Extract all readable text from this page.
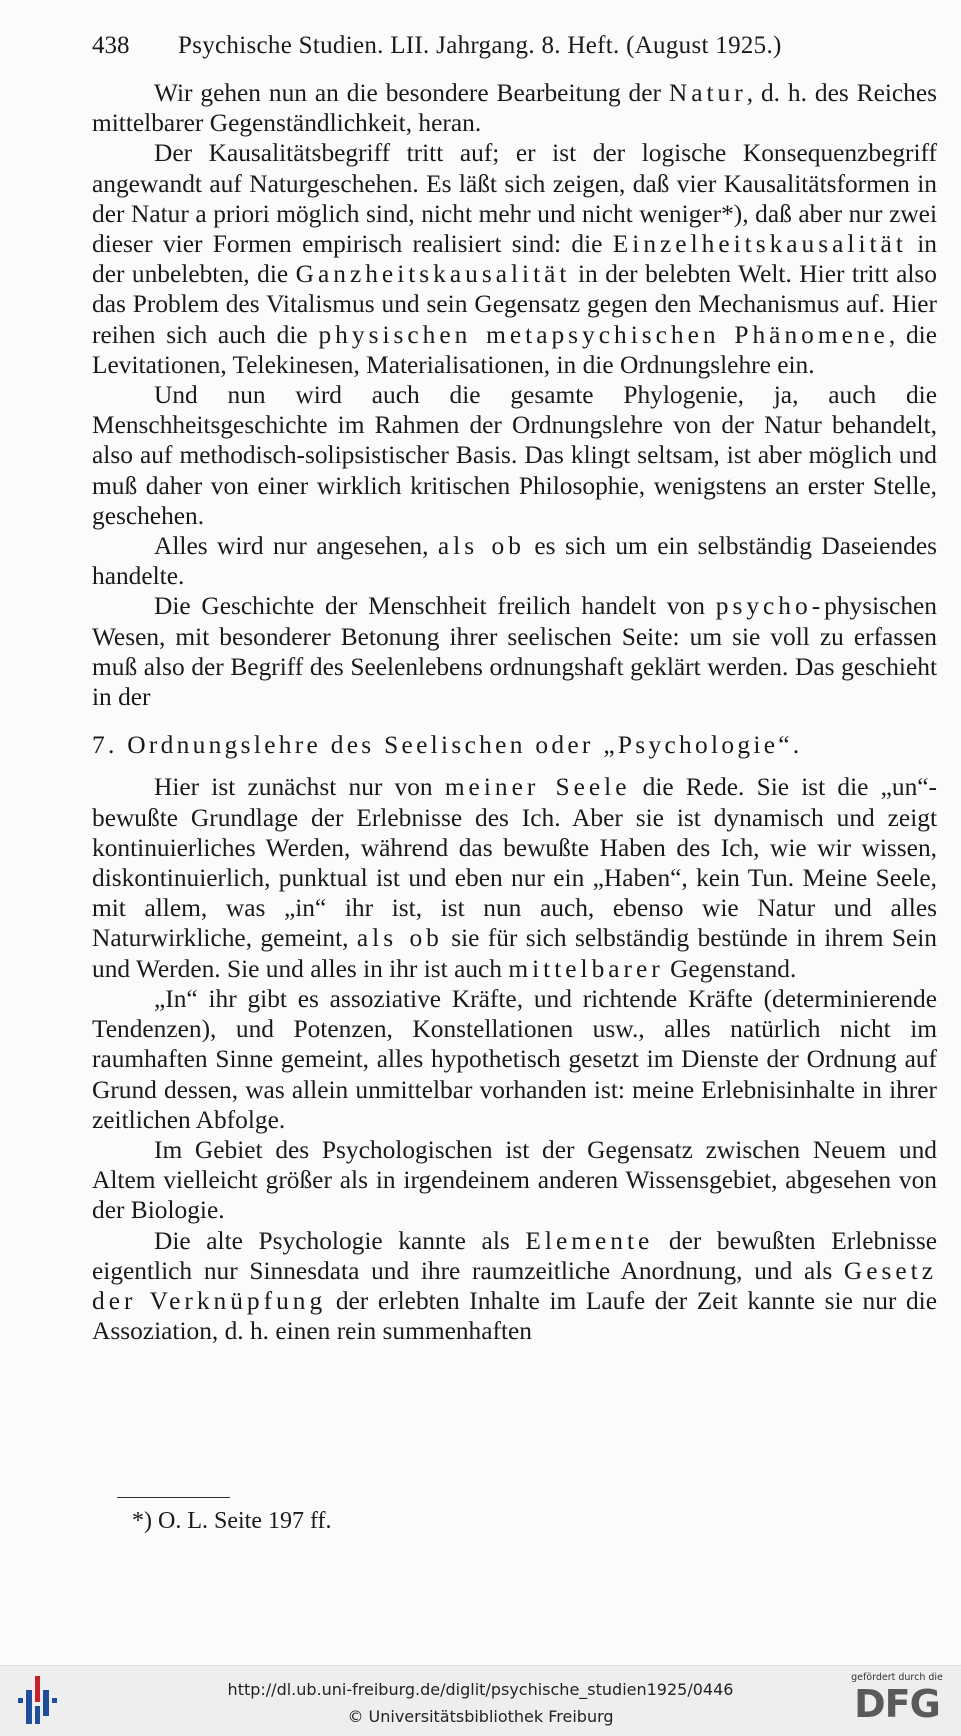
438 Psychische Studien. LII. Jahrgang. 8. Heft. (August 1925.)

Wir gehen nun an die besondere Bearbeitung der Natur, d. h. des Reiches mittelbarer Gegenständlichkeit, heran.

Der Kausalitätsbegriff tritt auf; er ist der logische Konsequenzbegriff angewandt auf Naturgeschehen. Es läßt sich zeigen, daß vier Kausalitätsformen in der Natur a priori möglich sind, nicht mehr und nicht weniger*), daß aber nur zwei dieser vier Formen empirisch realisiert sind: die Einzelheitskausalität in der unbelebten, die Ganzheitskausalität in der belebten Welt. Hier tritt also das Problem des Vitalismus und sein Gegensatz gegen den Mechanismus auf. Hier reihen sich auch die physischen metapsychischen Phänomene, die Levitationen, Telekinesen, Materialisationen, in die Ordnungslehre ein.

Und nun wird auch die gesamte Phylogenie, ja, auch die Menschheitsgeschichte im Rahmen der Ordnungslehre von der Natur behandelt, also auf methodisch-solipsistischer Basis. Das klingt seltsam, ist aber möglich und muß daher von einer wirklich kritischen Philosophie, wenigstens an erster Stelle, geschehen.

Alles wird nur angesehen, als ob es sich um ein selbständig Daseiendes handelte.

Die Geschichte der Menschheit freilich handelt von psycho-physischen Wesen, mit besonderer Betonung ihrer seelischen Seite: um sie voll zu erfassen muß also der Begriff des Seelenlebens ordnungshaft geklärt werden. Das geschieht in der

7. Ordnungslehre des Seelischen oder „Psychologie“.

Hier ist zunächst nur von meiner Seele die Rede. Sie ist die „un“-bewußte Grundlage der Erlebnisse des Ich. Aber sie ist dynamisch und zeigt kontinuierliches Werden, während das bewußte Haben des Ich, wie wir wissen, diskontinuierlich, punktual ist und eben nur ein „Haben“, kein Tun. Meine Seele, mit allem, was „in“ ihr ist, ist nun auch, ebenso wie Natur und alles Naturwirkliche, gemeint, als ob sie für sich selbständig bestünde in ihrem Sein und Werden. Sie und alles in ihr ist auch mittelbarer Gegenstand.

„In“ ihr gibt es assoziative Kräfte, und richtende Kräfte (determinierende Tendenzen), und Potenzen, Konstellationen usw., alles natürlich nicht im raumhaften Sinne gemeint, alles hypothetisch gesetzt im Dienste der Ordnung auf Grund dessen, was allein unmittelbar vorhanden ist: meine Erlebnisinhalte in ihrer zeitlichen Abfolge.

Im Gebiet des Psychologischen ist der Gegensatz zwischen Neuem und Altem vielleicht größer als in irgendeinem anderen Wissensgebiet, abgesehen von der Biologie.

Die alte Psychologie kannte als Elemente der bewußten Erlebnisse eigentlich nur Sinnesdata und ihre raumzeitliche Anordnung, und als Gesetz der Verknüpfung der erlebten Inhalte im Laufe der Zeit kannte sie nur die Assoziation, d. h. einen rein summenhaften

*) O. L. Seite 197 ff.
http://dl.ub.uni-freiburg.de/diglit/psychische_studien1925/0446
© Universitätsbibliothek Freiburg
gefördert durch die
DFG
